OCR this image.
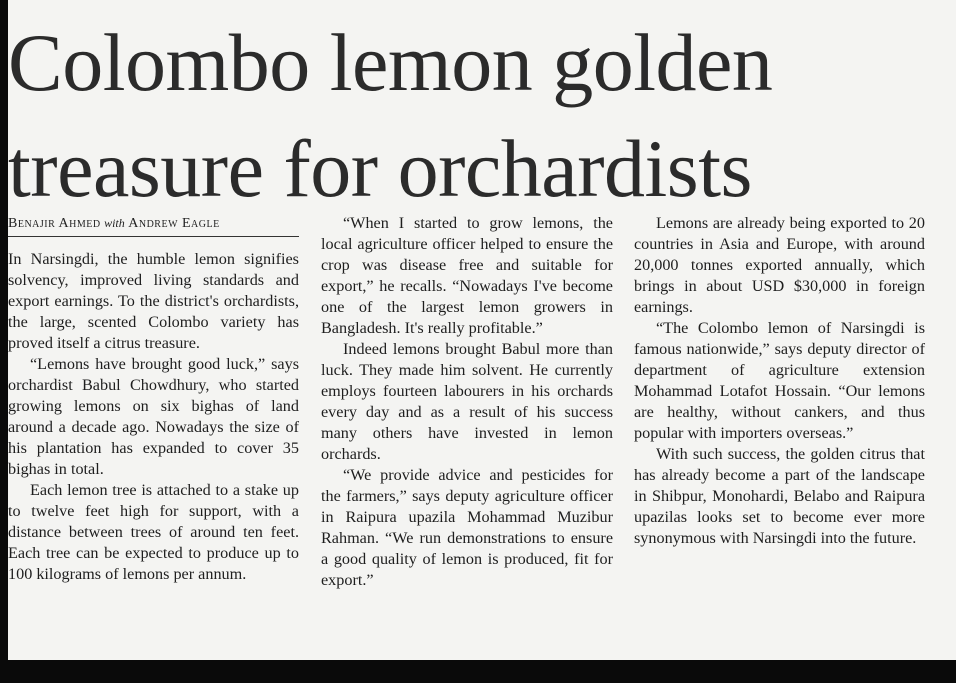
Colombo lemon golden treasure for orchardists
Benajir Ahmed with Andrew Eagle

In Narsingdi, the humble lemon signifies solvency, improved living standards and export earnings. To the district's orchardists, the large, scented Colombo variety has proved itself a citrus treasure.

“Lemons have brought good luck,” says orchardist Babul Chowdhury, who started growing lemons on six bighas of land around a decade ago. Nowadays the size of his plantation has expanded to cover 35 bighas in total.

Each lemon tree is attached to a stake up to twelve feet high for support, with a distance between trees of around ten feet. Each tree can be expected to produce up to 100 kilograms of lemons per annum.

“When I started to grow lemons, the local agriculture officer helped to ensure the crop was disease free and suitable for export,” he recalls. “Nowadays I've become one of the largest lemon growers in Bangladesh. It's really profitable.”

Indeed lemons brought Babul more than luck. They made him solvent. He currently employs fourteen labourers in his orchards every day and as a result of his success many others have invested in lemon orchards.

“We provide advice and pesticides for the farmers,” says deputy agriculture officer in Raipura upazila Mohammad Muzibur Rahman. “We run demonstrations to ensure a good quality of lemon is produced, fit for export.”

Lemons are already being exported to 20 countries in Asia and Europe, with around 20,000 tonnes exported annually, which brings in about USD $30,000 in foreign earnings.

“The Colombo lemon of Narsingdi is famous nationwide,” says deputy director of department of agriculture extension Mohammad Lotafot Hossain. “Our lemons are healthy, without cankers, and thus popular with importers overseas.”

With such success, the golden citrus that has already become a part of the landscape in Shibpur, Monohardi, Belabo and Raipura upazilas looks set to become ever more synonymous with Narsingdi into the future.
